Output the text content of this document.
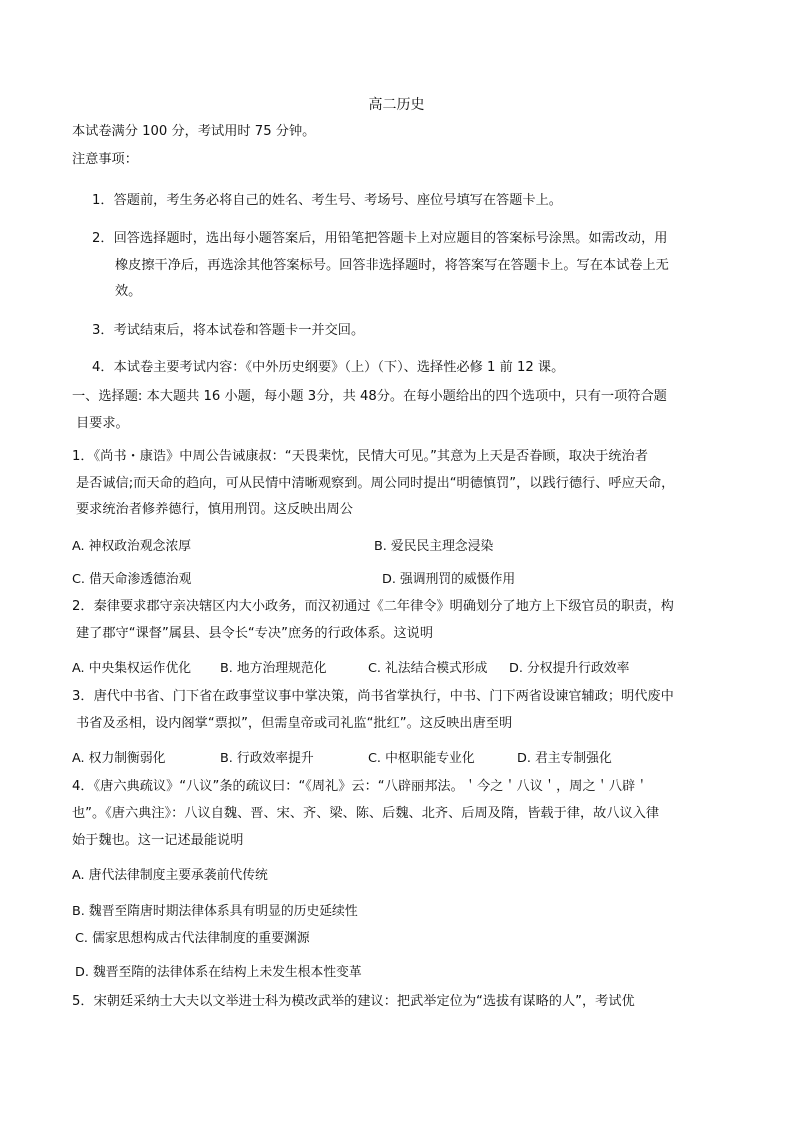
高二历史
本试卷满分 100 分，考试用时 75 分钟。
注意事项：
1．答题前，考生务必将自己的姓名、考生号、考场号、座位号填写在答题卡上。
2．回答选择题时，选出每小题答案后，用铅笔把答题卡上对应题目的答案标号涂黑。如需改动，用
橡皮擦干净后，再选涂其他答案标号。回答非选择题时，将答案写在答题卡上。写在本试卷上无
效。
3．考试结束后，将本试卷和答题卡一并交回。
4．本试卷主要考试内容：《中外历史纲要》（上）（下）、选择性必修 1 前 12 课。
一、选择题: 本大题共 16 小题，每小题 3分，共 48分。在每小题给出的四个选项中，只有一项符合题
目要求。
1．《尚书・康诰》中周公告诫康叔：“天畏棐忱，民情大可见。”其意为上天是否眷顾，取决于统治者
是否诚信;而天命的趋向，可从民情中清晰观察到。周公同时提出“明德慎罚”，以践行德行、呼应天命，
要求统治者修养德行，慎用刑罚。这反映出周公
A. 神权政治观念浓厚	B. 爱民民主理念浸染
C. 借天命渗透德治观	D. 强调刑罚的威慑作用
2．秦律要求郡守亲决辖区内大小政务，而汉初通过《二年律令》明确划分了地方上下级官员的职责，构
建了郡守“课督”属县、县令长“专决”庶务的行政体系。这说明
A. 中央集权运作优化 B. 地方治理规范化	C. 礼法结合模式形成 D. 分权提升行政效率
3．唐代中书省、门下省在政事堂议事中掌决策，尚书省掌执行，中书、门下两省设谏官辅政；明代废中
书省及丞相，设内阁掌“票拟”，但需皇帝或司礼监“批红”。这反映出唐至明
A. 权力制衡弱化	B. 行政效率提升	C. 中枢职能专业化	D. 君主专制强化
4．《唐六典疏议》“八议”条的疏议曰：“《周礼》云：“八辟丽邦法。＇今之＇八议＇，周之＇八辟＇
也”。《唐六典注》：八议自魏、晋、宋、齐、梁、陈、后魏、北齐、后周及隋，皆载于律，故八议入律
始于魏也。这一记述最能说明
A. 唐代法律制度主要承袭前代传统
B. 魏晋至隋唐时期法律体系具有明显的历史延续性
C. 儒家思想构成古代法律制度的重要渊源
D. 魏晋至隋的法律体系在结构上未发生根本性变革
5．宋朝廷采纳士大夫以文举进士科为模改武举的建议：把武举定位为“选拔有谋略的人”，考试优
